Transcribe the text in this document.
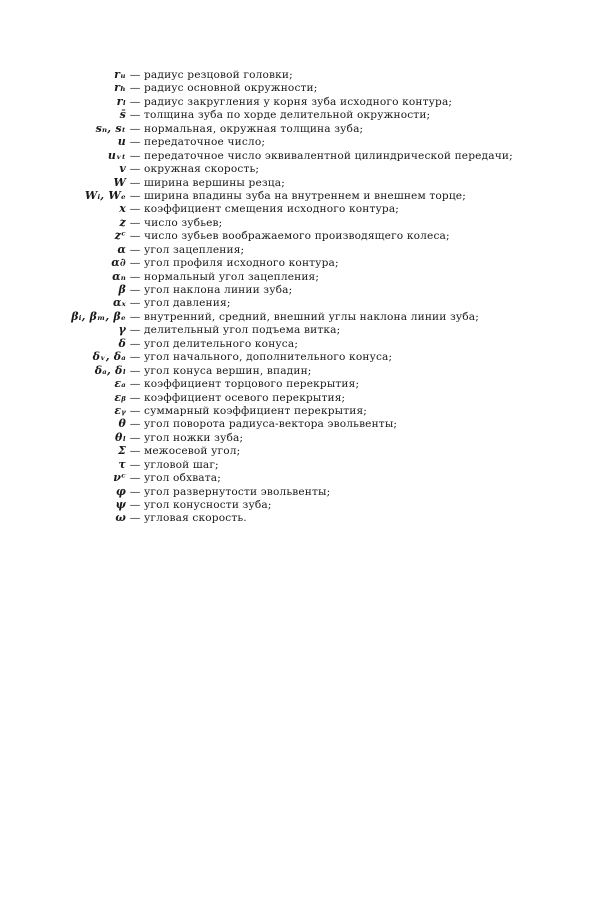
rᵤ — радиус резцовой головки;
rₕ — радиус основной окружности;
rₗ — радиус закругления у корня зуба исходного контура;
s̄ — толщина зуба по хорде делительной окружности;
sₙ, sₜ — нормальная, окружная толщина зуба;
u — передаточное число;
uᵥₜ — передаточное число эквивалентной цилиндрической передачи;
v — окружная скорость;
W — ширина вершины резца;
Wᵢ, Wₑ — ширина впадины зуба на внутреннем и внешнем торце;
x — коэффициент смещения исходного контура;
z — число зубьев;
zᶜ — число зубьев воображаемого производящего колеса;
α — угол зацепления;
α∂ — угол профиля исходного контура;
αₙ — нормальный угол зацепления;
β — угол наклона линии зуба;
αₓ — угол давления;
βᵢ, βₘ, βₑ — внутренний, средний, внешний углы наклона линии зуба;
γ — делительный угол подъема витка;
δ — угол делительного конуса;
δᵥ, δₐ — угол начального, дополнительного конуса;
δₐ, δₗ — угол конуса вершин, впадин;
εₐ — коэффициент торцового перекрытия;
εᵦ — коэффициент осевого перекрытия;
εᵧ — суммарный коэффициент перекрытия;
θ — угол поворота радиуса-вектора эвольвенты;
θₗ — угол ножки зуба;
Σ — межосевой угол;
τ — угловой шаг;
νᶜ — угол обхвата;
φ — угол развернутости эвольвенты;
ψ — угол конусности зуба;
ω — угловая скорость.
